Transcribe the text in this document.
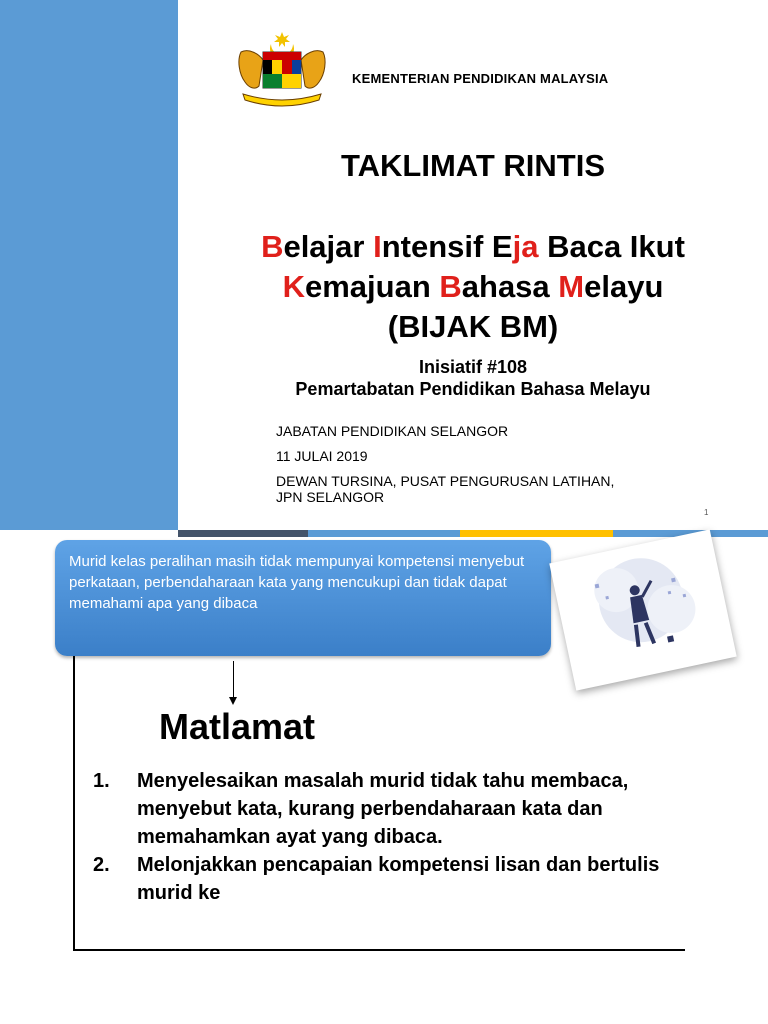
KEMENTERIAN PENDIDIKAN MALAYSIA
TAKLIMAT RINTIS
Belajar Intensif Eja Baca Ikut
Kemajuan Bahasa Melayu
(BIJAK BM)
Inisiatif #108
Pemartabatan Pendidikan Bahasa Melayu
JABATAN PENDIDIKAN SELANGOR
11 JULAI 2019
DEWAN TURSINA, PUSAT PENGURUSAN LATIHAN,
JPN SELANGOR
1
Murid kelas peralihan masih tidak mempunyai kompetensi menyebut perkataan, perbendaharaan kata yang mencukupi dan tidak dapat memahami apa yang dibaca
Matlamat
1.	Menyelesaikan masalah murid tidak tahu membaca, menyebut kata, kurang perbendaharaan kata dan memahamkan ayat yang dibaca.
2.	Melonjakkan pencapaian kompetensi lisan dan bertulis murid ke
